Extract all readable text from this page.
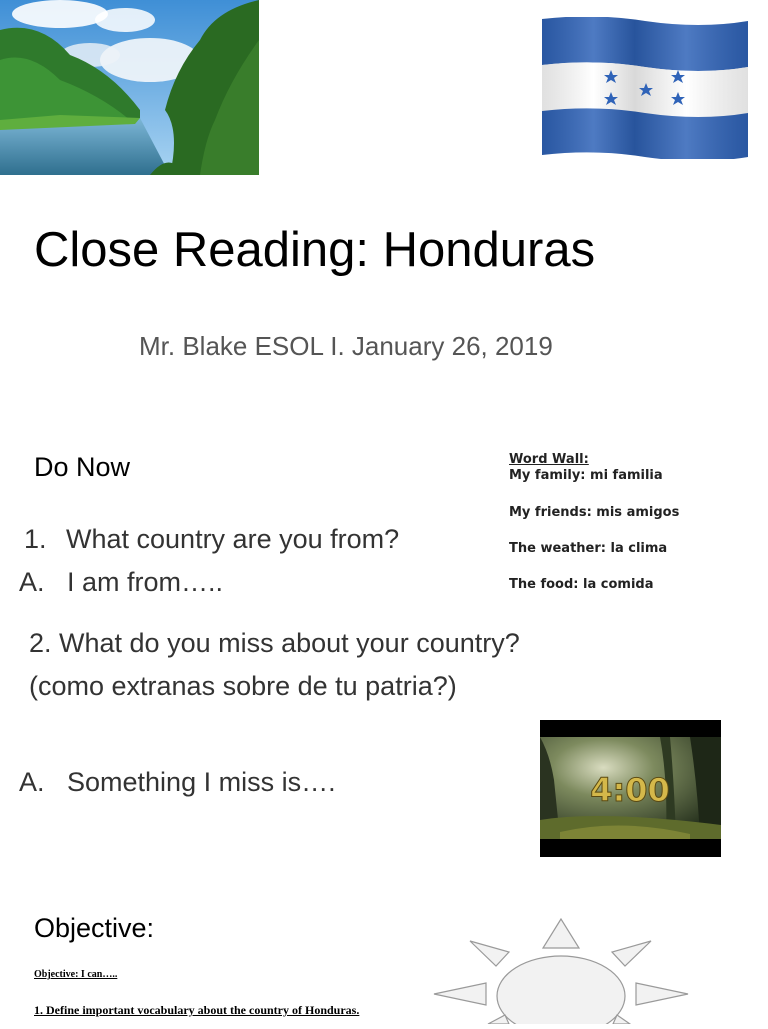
Close Reading: Honduras
Mr. Blake ESOL I. January 26, 2019
Do Now
1. What country are you from?
A. I am from…..
2. What do you miss about your country? (como extranas sobre de tu patria?)
A. Something I miss is….
Word Wall:
My family: mi familia
My friends: mis amigos
The weather: la clima
The food: la comida
4:00
Objective:
Objective: I can…..
1. Define important vocabulary about the country of Honduras.
